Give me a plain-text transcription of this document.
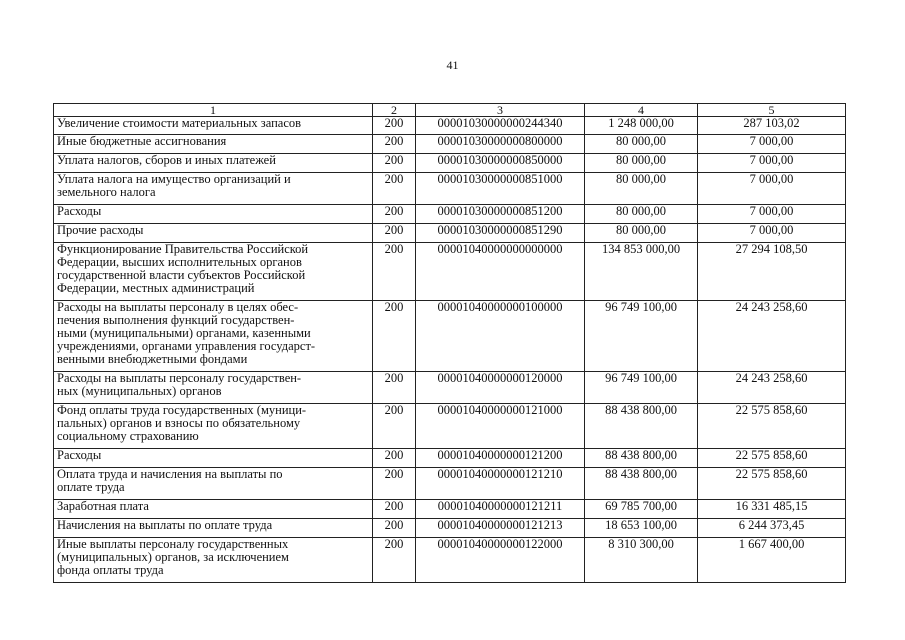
41
1	2	3	4	5
Увеличение стоимости материальных запасов	200	00001030000000244340	1 248 000,00	287 103,02
Иные бюджетные ассигнования	200	00001030000000800000	80 000,00	7 000,00
Уплата налогов, сборов и иных платежей	200	00001030000000850000	80 000,00	7 000,00
Уплата налога на имущество организаций и
земельного налога	200	00001030000000851000	80 000,00	7 000,00
Расходы	200	00001030000000851200	80 000,00	7 000,00
Прочие расходы	200	00001030000000851290	80 000,00	7 000,00
Функционирование Правительства Российской
Федерации, высших исполнительных органов
государственной власти субъектов Российской
Федерации, местных администраций	200	00001040000000000000	134 853 000,00	27 294 108,50
Расходы на выплаты персоналу в целях обес-
печения выполнения функций государствен-
ными (муниципальными) органами, казенными
учреждениями, органами управления государст-
венными внебюджетными фондами	200	00001040000000100000	96 749 100,00	24 243 258,60
Расходы на выплаты персоналу государствен-
ных (муниципальных) органов	200	00001040000000120000	96 749 100,00	24 243 258,60
Фонд оплаты труда государственных (муници-
пальных) органов и взносы по обязательному
социальному страхованию	200	00001040000000121000	88 438 800,00	22 575 858,60
Расходы	200	00001040000000121200	88 438 800,00	22 575 858,60
Оплата труда и начисления на выплаты по
оплате труда	200	00001040000000121210	88 438 800,00	22 575 858,60
Заработная плата	200	00001040000000121211	69 785 700,00	16 331 485,15
Начисления на выплаты по оплате труда	200	00001040000000121213	18 653 100,00	6 244 373,45
Иные выплаты персоналу государственных
(муниципальных) органов, за исключением
фонда оплаты труда	200	00001040000000122000	8 310 300,00	1 667 400,00
